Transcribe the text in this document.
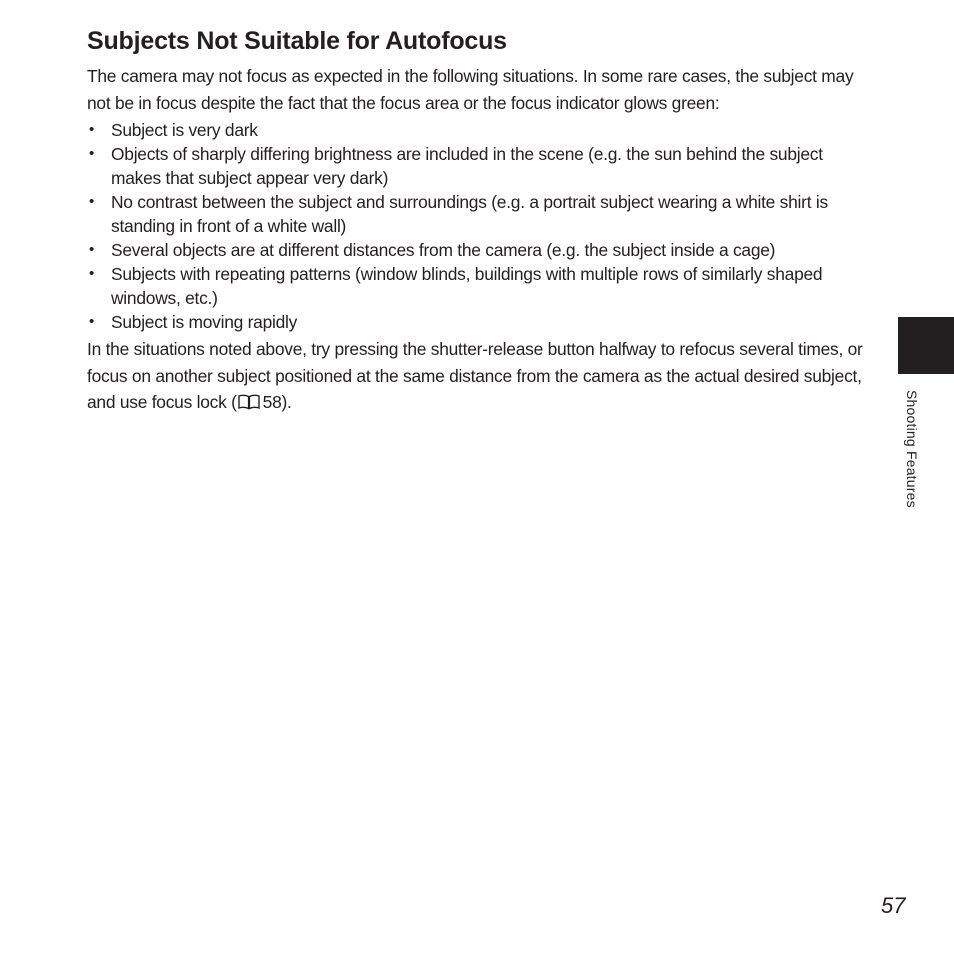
Subjects Not Suitable for Autofocus

The camera may not focus as expected in the following situations. In some rare cases, the subject may not be in focus despite the fact that the focus area or the focus indicator glows green:

• Subject is very dark
• Objects of sharply differing brightness are included in the scene (e.g. the sun behind the subject makes that subject appear very dark)
• No contrast between the subject and surroundings (e.g. a portrait subject wearing a white shirt is standing in front of a white wall)
• Several objects are at different distances from the camera (e.g. the subject inside a cage)
• Subjects with repeating patterns (window blinds, buildings with multiple rows of similarly shaped windows, etc.)
• Subject is moving rapidly

In the situations noted above, try pressing the shutter-release button halfway to refocus several times, or focus on another subject positioned at the same distance from the camera as the actual desired subject, and use focus lock ( 58).	Shooting Features
57
